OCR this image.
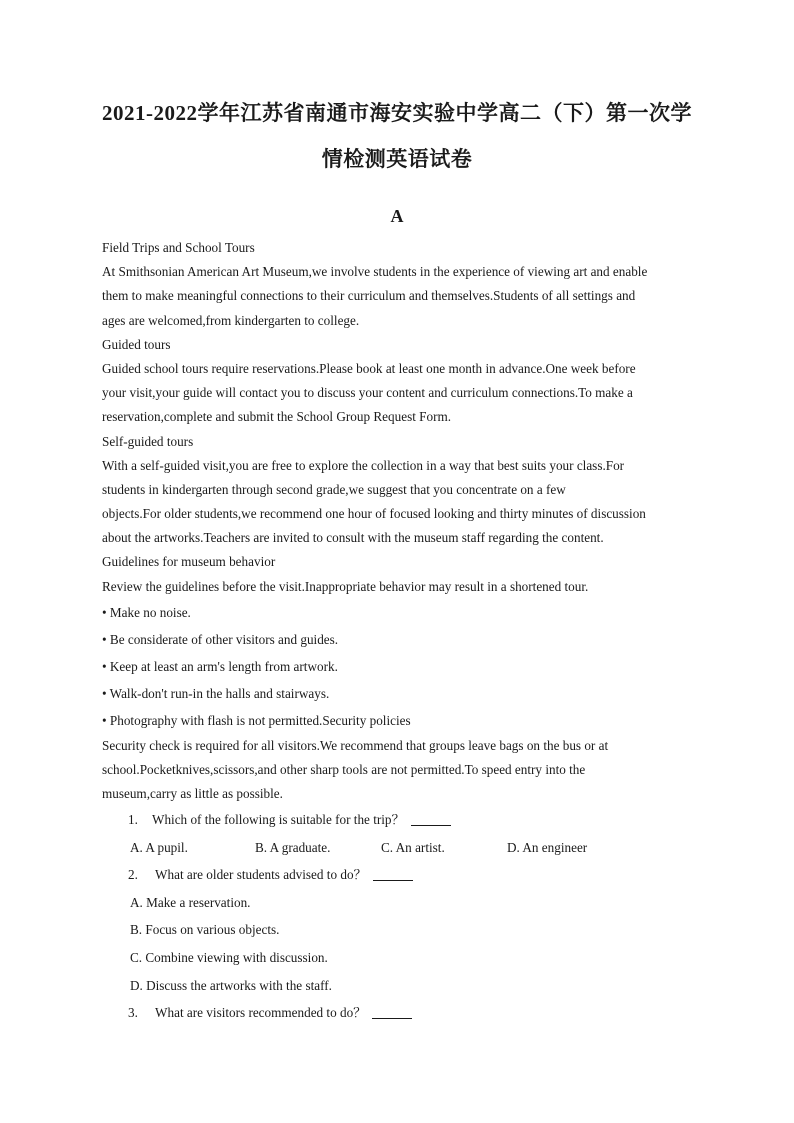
2021-2022学年江苏省南通市海安实验中学高二（下）第一次学
情检测英语试卷
A
Field Trips and School Tours
At Smithsonian American Art Museum,we involve students in the experience of viewing art and enable
them to make meaningful connections to their curriculum and themselves.Students of all settings and
ages are welcomed,from kindergarten to college.
Guided tours
Guided school tours require reservations.Please book at least one month in advance.One week before
your visit,your guide will contact you to discuss your content and curriculum connections.To make a
reservation,complete and submit the School Group Request Form.
Self-guided tours
With a self-guided visit,you are free to explore the collection in a way that best suits your class.For
students in kindergarten through second grade,we suggest that you concentrate on a few
objects.For older students,we recommend one hour of focused looking and thirty minutes of discussion
about the artworks.Teachers are invited to consult with the museum staff regarding the content.
Guidelines for museum behavior
Review the guidelines before the visit.Inappropriate behavior may result in a shortened tour.
• Make no noise.
• Be considerate of other visitors and guides.
• Keep at least an arm's length from artwork.
• Walk-don't run-in the halls and stairways.
• Photography with flash is not permitted.Security policies
Security check is required for all visitors.We recommend that groups leave bags on the bus or at
school.Pocketknives,scissors,and other sharp tools are not permitted.To speed entry into the
museum,carry as little as possible.
1. Which of the following is suitable for the trip？
A. A pupil.	B. A graduate.	C. An artist.	D. An engineer
2. What are older students advised to do？
A. Make a reservation.
B. Focus on various objects.
C. Combine viewing with discussion.
D. Discuss the artworks with the staff.
3. What are visitors recommended to do？
